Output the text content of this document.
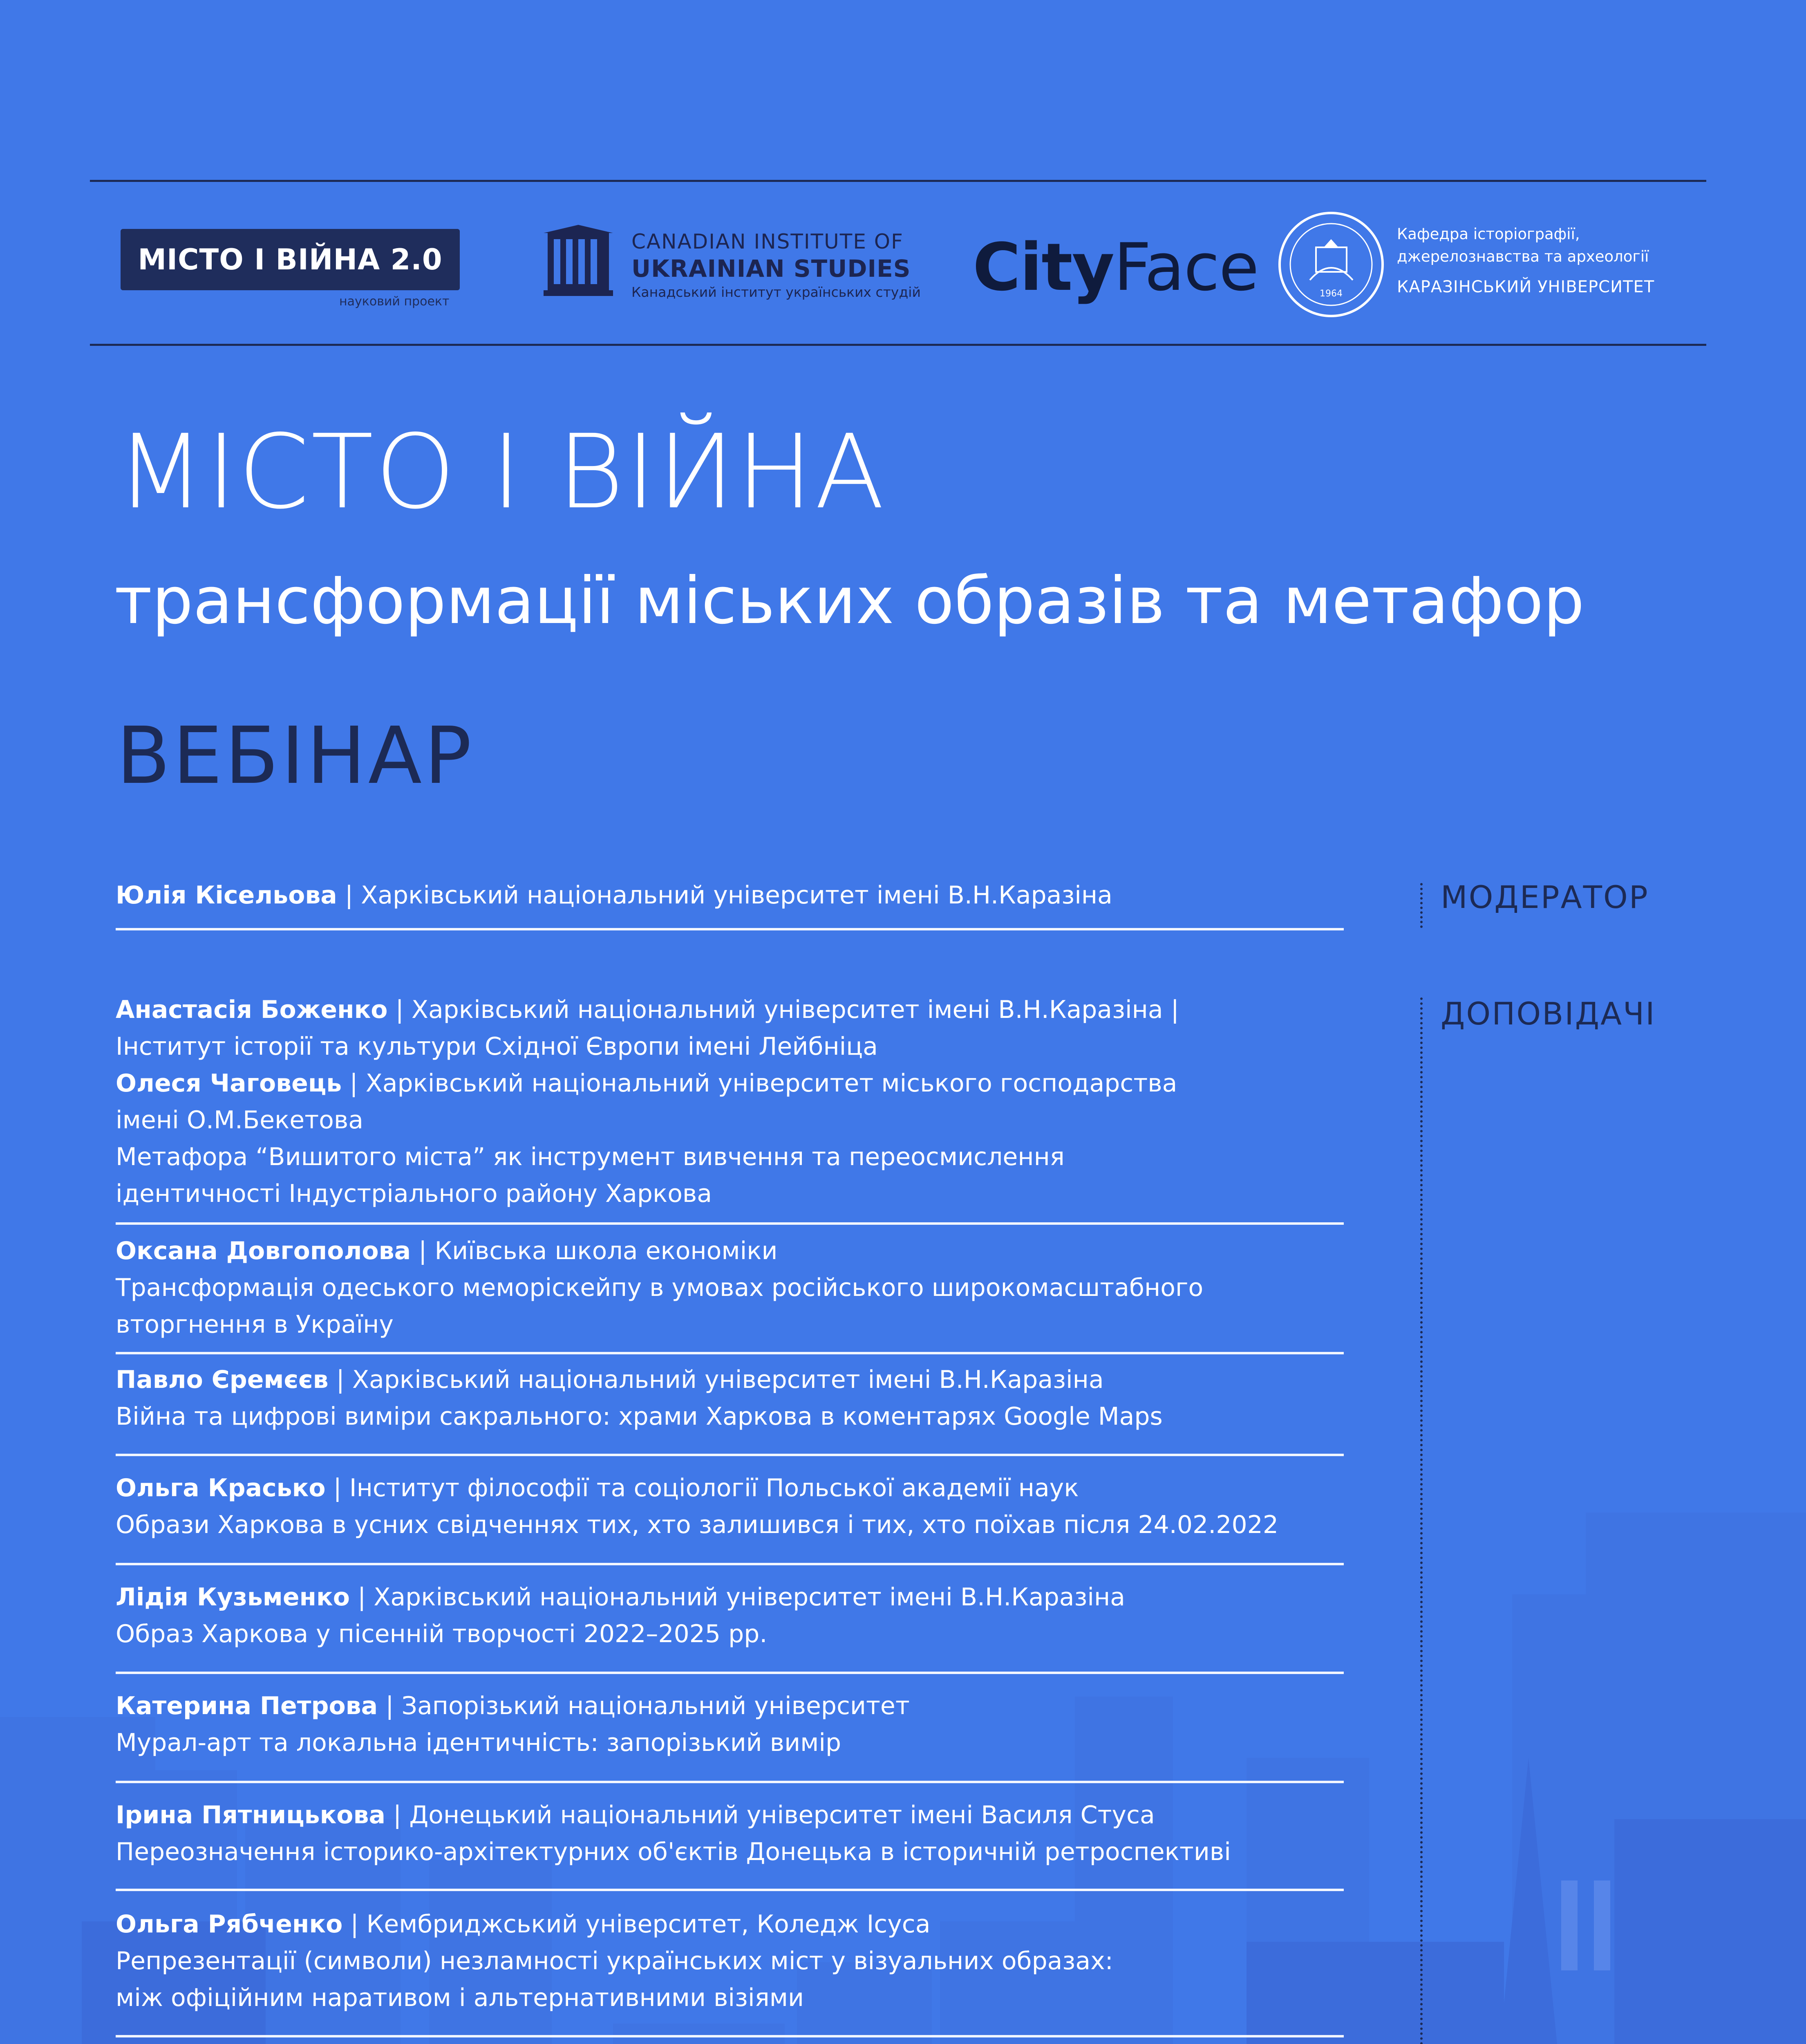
МІСТО І ВІЙНА 2.0
науковий проект
CANADIAN INSTITUTE OF
UKRAINIAN STUDIES
Канадський інститут українських студій CityFace	1964
Кафедра історіографії,
джерелознавства та археології
КАРАЗІНСЬКИЙ УНІВЕРСИТЕТ
МІСТО І ВІЙНА
трансформації міських образів та метафор
ВЕБІНАР
МОДЕРАТОР
ДОПОВІДАЧІ
Юлія Кісельова | Харківський національний університет імені В.Н.Каразіна
Анастасія Боженко | Харківський національний університет імені В.Н.Каразіна |
Інститут історії та культури Східної Європи імені Лейбніца
Олеся Чаговець | Харківський національний університет міського господарства
імені О.М.Бекетова
Метафора “Вишитого міста” як інструмент вивчення та переосмислення
ідентичності Індустріального району Харкова
Оксана Довгополова | Київська школа економіки
Трансформація одеського меморіскейпу в умовах російського широкомасштабного
вторгнення в Україну
Павло Єремєєв | Харківський національний університет імені В.Н.Каразіна
Війна та цифрові виміри сакрального: храми Харкова в коментарях Google Maps
Ольга Красько | Інститут філософії та соціології Польської академії наук
Образи Харкова в усних свідченнях тих, хто залишився і тих, хто поїхав після 24.02.2022
Лідія Кузьменко | Харківський національний університет імені В.Н.Каразіна
Образ Харкова у пісенній творчості 2022–2025 рр.
Катерина Петрова | Запорізький національний університет
Мурал-арт та локальна ідентичність: запорізький вимір
Ірина Пятницькова | Донецький національний університет імені Василя Стуса
Переозначення історико-архітектурних об'єктів Донецька в історичній ретроспективі
Ольга Рябченко | Кембриджський університет, Коледж Ісуса
Репрезентації (символи) незламності українських міст у візуальних образах:
між офіційним наративом і альтернативними візіями
